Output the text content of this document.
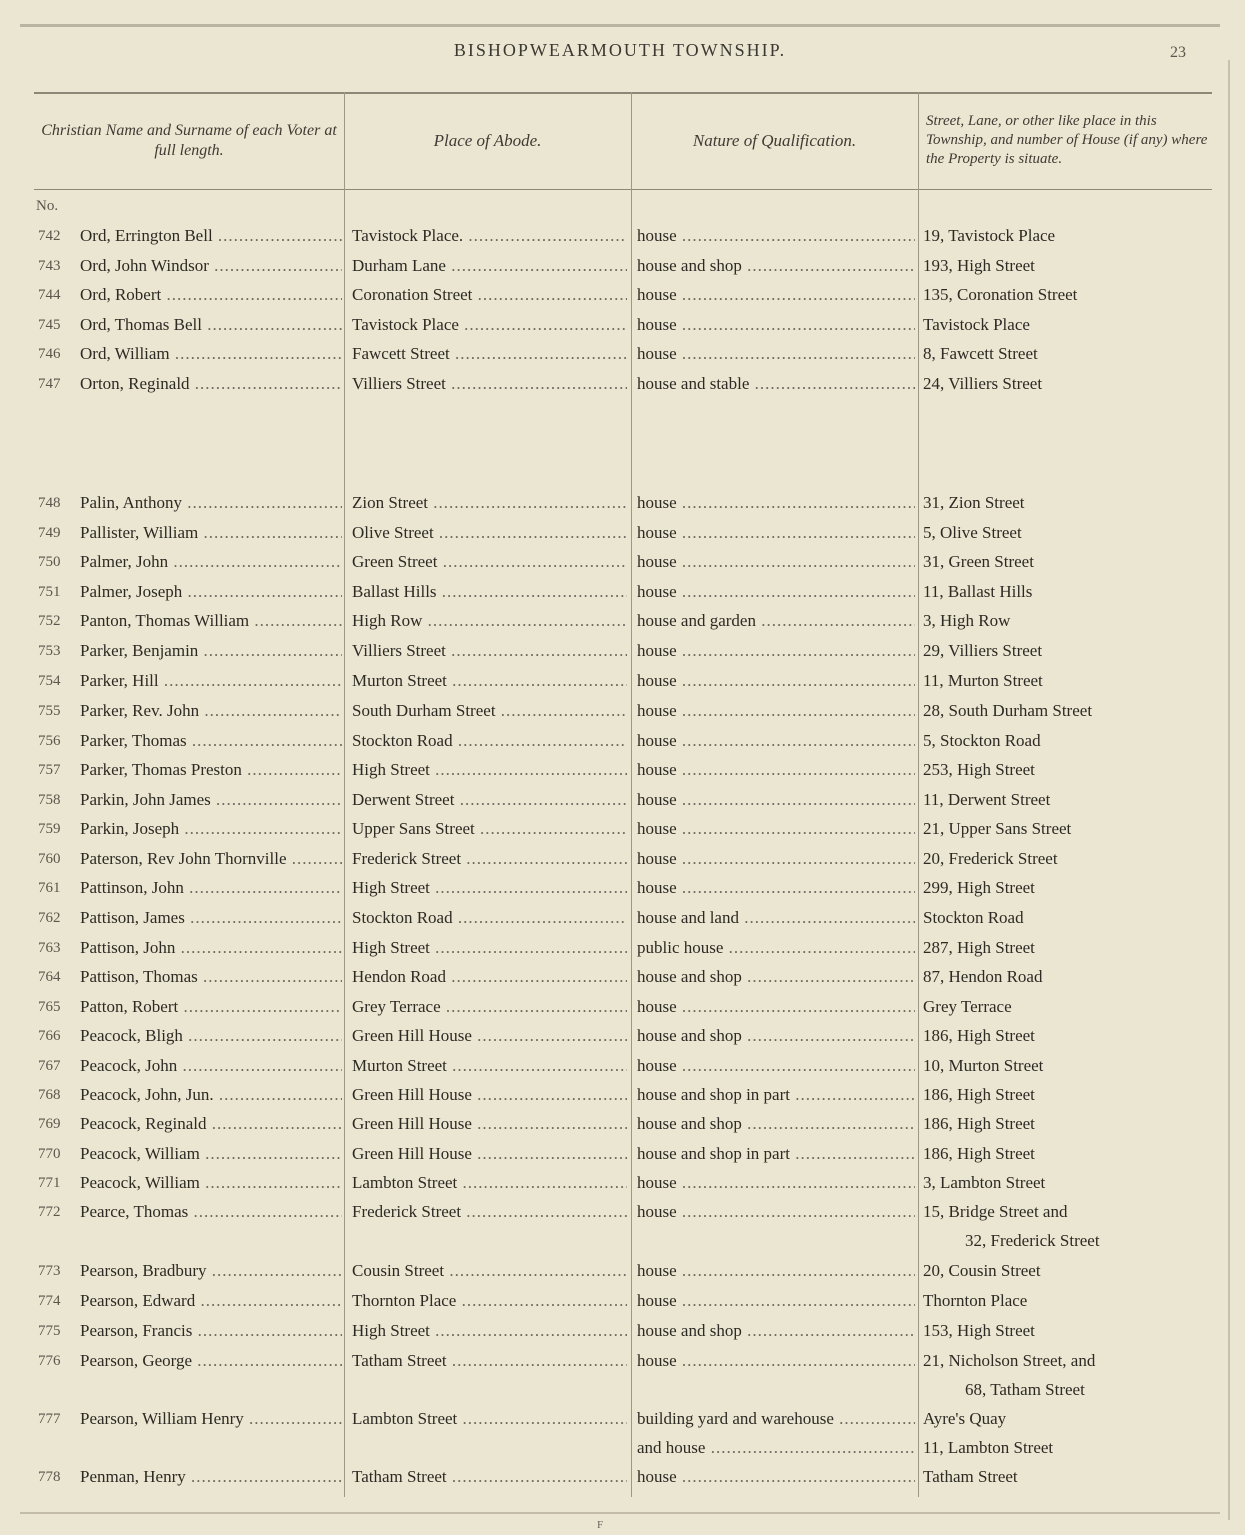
BISHOPWEARMOUTH TOWNSHIP.	23
Christian Name and Surname of each Voter at full length.
Place of Abode.	Nature of Qualification.
Street, Lane, or other like place in this Township, and number of House (if any) where the Property is situate.
No.
742	Ord, Errington Bell .....	Tavistock Place. .....	house .....	19, Tavistock Place
743	Ord, John Windsor .....	Durham Lane .....	house and shop .....	193, High Street
744	Ord, Robert .....	Coronation Street .....	house .....	135, Coronation Street
745	Ord, Thomas Bell .....	Tavistock Place .....	house .....	Tavistock Place
746	Ord, William .....	Fawcett Street .....	house .....	8, Fawcett Street
747	Orton, Reginald .....	Villiers Street .....	house and stable .....	24, Villiers Street
748	Palin, Anthony .....	Zion Street .....	house .....	31, Zion Street
749	Pallister, William .....	Olive Street .....	house .....	5, Olive Street
750	Palmer, John .....	Green Street .....	house .....	31, Green Street
751	Palmer, Joseph .....	Ballast Hills .....	house .....	11, Ballast Hills
752	Panton, Thomas William .....	High Row .....	house and garden .....	3, High Row
753	Parker, Benjamin .....	Villiers Street .....	house .....	29, Villiers Street
754	Parker, Hill .....	Murton Street .....	house .....	11, Murton Street
755	Parker, Rev. John .....	South Durham Street .....	house .....	28, South Durham Street
756	Parker, Thomas .....	Stockton Road .....	house .....	5, Stockton Road
757	Parker, Thomas Preston .....	High Street .....	house .....	253, High Street
758	Parkin, John James .....	Derwent Street .....	house .....	11, Derwent Street
759	Parkin, Joseph .....	Upper Sans Street .....	house .....	21, Upper Sans Street
760	Paterson, Rev John Thornville .....	Frederick Street .....	house .....	20, Frederick Street
761	Pattinson, John .....	High Street .....	house .....	299, High Street
762	Pattison, James .....	Stockton Road .....	house and land .....	Stockton Road
763	Pattison, John .....	High Street .....	public house .....	287, High Street
764	Pattison, Thomas .....	Hendon Road .....	house and shop .....	87, Hendon Road
765	Patton, Robert .....	Grey Terrace .....	house .....	Grey Terrace
766	Peacock, Bligh .....	Green Hill House .....	house and shop .....	186, High Street
767	Peacock, John .....	Murton Street .....	house .....	10, Murton Street
768	Peacock, John, Jun. .....	Green Hill House .....	house and shop in part .....	186, High Street
769	Peacock, Reginald .....	Green Hill House .....	house and shop .....	186, High Street
770	Peacock, William .....	Green Hill House .....	house and shop in part .....	186, High Street
771	Peacock, William .....	Lambton Street .....	house .....	3, Lambton Street
772	Pearce, Thomas .....	Frederick Street .....	house .....	15, Bridge Street and
32, Frederick Street
773	Pearson, Bradbury .....	Cousin Street .....	house .....	20, Cousin Street
774	Pearson, Edward .....	Thornton Place .....	house .....	Thornton Place
775	Pearson, Francis .....	High Street .....	house and shop .....	153, High Street
776	Pearson, George .....	Tatham Street .....	house .....	21, Nicholson Street, and
68, Tatham Street
777	Pearson, William Henry .....	Lambton Street .....	building yard and warehouse .....	Ayre's Quay
and house .....	11, Lambton Street
778	Penman, Henry .....	Tatham Street .....	house .....	Tatham Street
F
